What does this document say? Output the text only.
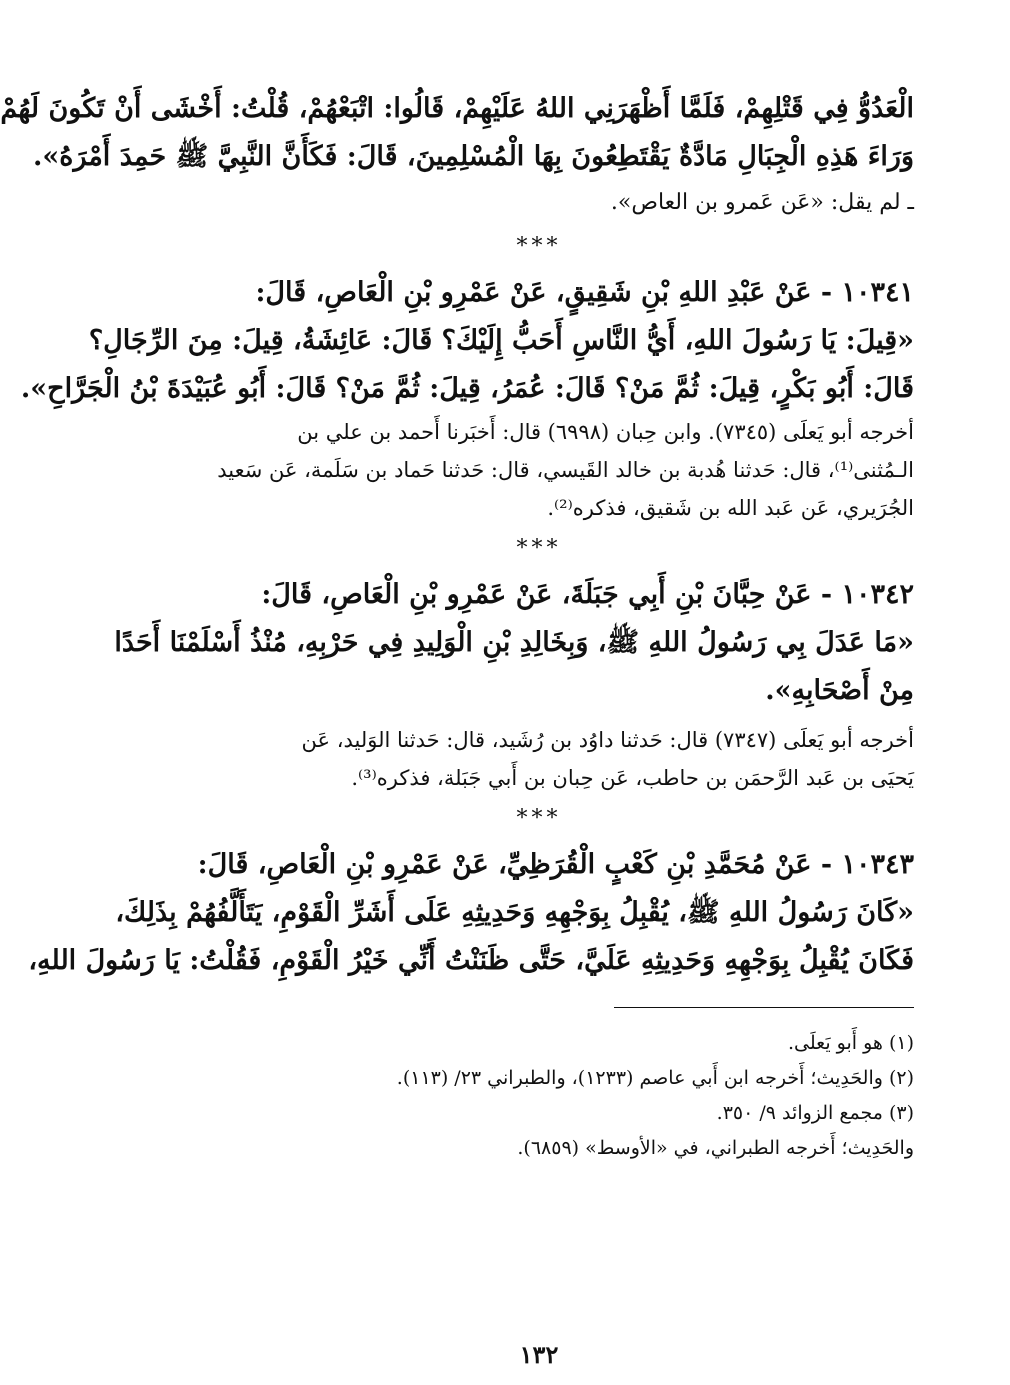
الْعَدُوُّ فِي قَتْلِهِمْ، فَلَمَّا أَظْهَرَنِي اللهُ عَلَيْهِمْ، قَالُوا: اتْبَعْهُمْ، قُلْتُ: أَخْشَى أَنْ تَكُونَ لَهُمْ
وَرَاءَ هَذِهِ الْجِبَالِ مَادَّةٌ يَقْتَطِعُونَ بِهَا الْمُسْلِمِينَ، قَالَ: فَكَأَنَّ النَّبِيَّ ﷺ حَمِدَ أَمْرَهُ».
ـ لم يقل: «عَن عَمرو بن العاص».
***
١٠٣٤١ - عَنْ عَبْدِ اللهِ بْنِ شَقِيقٍ، عَنْ عَمْرِو بْنِ الْعَاصِ، قَالَ:
«قِيلَ: يَا رَسُولَ اللهِ، أَيُّ النَّاسِ أَحَبُّ إِلَيْكَ؟ قَالَ: عَائِشَةُ، قِيلَ: مِنَ الرِّجَالِ؟
قَالَ: أَبُو بَكْرٍ، قِيلَ: ثُمَّ مَنْ؟ قَالَ: عُمَرُ، قِيلَ: ثُمَّ مَنْ؟ قَالَ: أَبُو عُبَيْدَةَ بْنُ الْجَرَّاحِ».
أخرجه أبو يَعلَى (٧٣٤٥). وابن حِبان (٦٩٩٨) قال: أَخبَرنا أَحمد بن علي بن
الـمُثنى⁽¹⁾، قال: حَدثنا هُدبة بن خالد القَيسي، قال: حَدثنا حَماد بن سَلَمة، عَن سَعيد
الجُرَيري، عَن عَبد الله بن شَقيق، فذكره⁽²⁾.
***
١٠٣٤٢ - عَنْ حِبَّانَ بْنِ أَبِي جَبَلَةَ، عَنْ عَمْرِو بْنِ الْعَاصِ، قَالَ:
«مَا عَدَلَ بِي رَسُولُ اللهِ ﷺ، وَبِخَالِدِ بْنِ الْوَلِيدِ فِي حَرْبِهِ، مُنْذُ أَسْلَمْنَا أَحَدًا
مِنْ أَصْحَابِهِ».
أخرجه أبو يَعلَى (٧٣٤٧) قال: حَدثنا داوُد بن رُشَيد، قال: حَدثنا الوَليد، عَن
يَحيَى بن عَبد الرَّحمَن بن حاطب، عَن حِبان بن أَبي جَبَلة، فذكره⁽³⁾.
***
١٠٣٤٣ - عَنْ مُحَمَّدِ بْنِ كَعْبٍ الْقُرَظِيِّ، عَنْ عَمْرِو بْنِ الْعَاصِ، قَالَ:
«كَانَ رَسُولُ اللهِ ﷺ، يُقْبِلُ بِوَجْهِهِ وَحَدِيثِهِ عَلَى أَشَرِّ الْقَوْمِ، يَتَأَلَّفُهُمْ بِذَلِكَ،
فَكَانَ يُقْبِلُ بِوَجْهِهِ وَحَدِيثِهِ عَلَيَّ، حَتَّى ظَنَنْتُ أَنِّي خَيْرُ الْقَوْمِ، فَقُلْتُ: يَا رَسُولَ اللهِ،
(١) هو أَبو يَعلَى.
(٢) والحَدِيث؛ أَخرجه ابن أَبي عاصم (١٢٣٣)، والطبراني ٢٣/ (١١٣).
(٣) مجمع الزوائد ٩/ ٣٥٠.
والحَدِيث؛ أَخرجه الطبراني، في «الأوسط» (٦٨٥٩).
١٣٢
